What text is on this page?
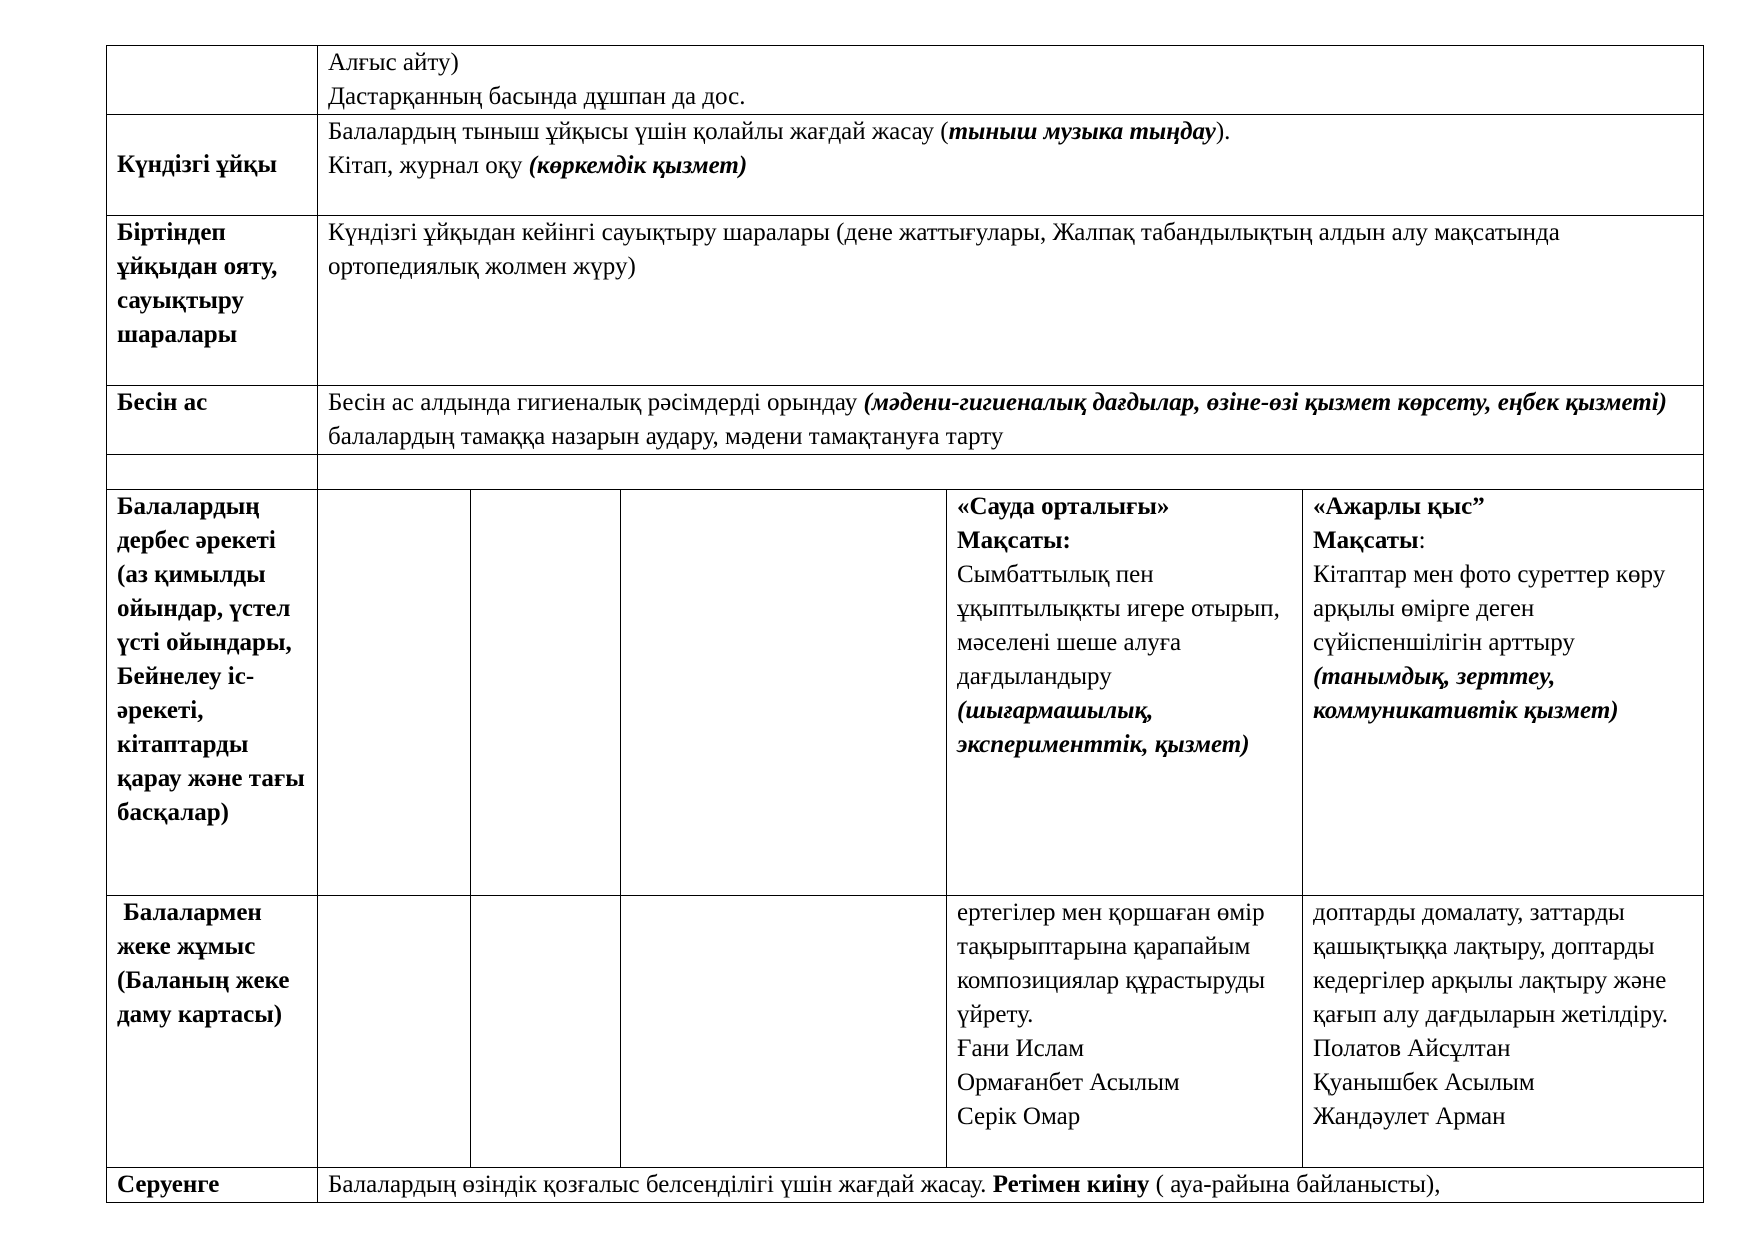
	Алғыс айту)
Дастарқанның басында дұшпан да дос.				

Күндізгі ұйқы	Балалардың тыныш ұйқысы үшін қолайлы жағдай жасау (тыныш музыка тыңдау).
Кітап, журнал оқу (көркемдік қызмет)				

Біртіндеп ұйқыдан ояту, сауықтыру шаралары	Күндізгі ұйқыдан кейінгі сауықтыру шаралары (дене жаттығулары, Жалпақ табандылықтың алдын алу мақсатында ортопедиялық жолмен жүру)				
Бесін ас	Бесін ас алдында гигиеналық рәсімдерді орындау (мәдени-гигиеналық дағдылар, өзіне-өзі қызмет көрсету, еңбек қызметі) балалардың тамаққа назарын аудару, мәдени тамақтануға тарту				

Балалардың дербес әрекеті (аз қимылды ойындар, үстел үсті ойындары, Бейнелеу іс-әрекеті, кітаптарды қарау және тағы басқалар)				«Сауда орталығы»
Мақсаты:
Сымбаттылық пен ұқыптылықкты игере отырып, мәселені шеше алуға дағдыландыру (шығармашылық, эксперименттік, қызмет)	«Ажарлы қыс”
Мақсаты:
Кітаптар мен фото суреттер көру арқылы өмірге деген сүйіспеншілігін арттыру (танымдық, зерттеу, коммуникативтік қызмет)
Балалармен жеке жұмыс (Баланың жеке даму картасы)				ертегілер мен қоршаған өмір тақырыптарына қарапайым композициялар құрастыруды үйрету.
Ғани Ислам
Ормағанбет Асылым
Серік Омар	доптарды домалату, заттарды қашықтыққа лақтыру, доптарды кедергілер арқылы лақтыру және қағып алу дағдыларын жетілдіру.
Полатов Айсұлтан
Қуанышбек Асылым
Жандәулет Арман

Серуенге	Балалардың өзіндік қозғалыс белсенділігі үшін жағдай жасау. Ретімен киіну ( ауа-райына байланысты),				
